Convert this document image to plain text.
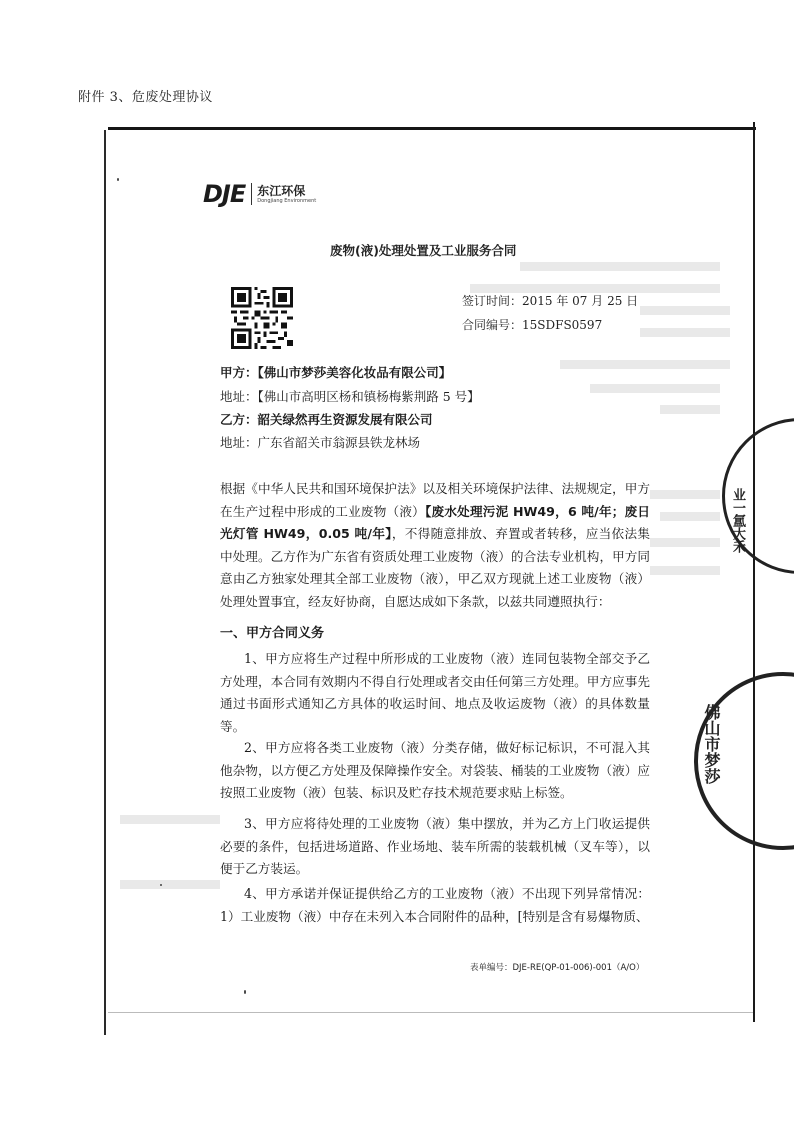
附件 3、危废处理协议
DJE 东江环保
Dongjiang Environment
废物(液)处理处置及工业服务合同
签订时间：2015 年 07 月 25 日
合同编号：15SDFS0597
甲方：【佛山市梦莎美容化妆品有限公司】
地址：【佛山市高明区杨和镇杨梅紫荆路 5 号】
乙方：韶关绿然再生资源发展有限公司
地址：广东省韶关市翁源县铁龙林场
根据《中华人民共和国环境保护法》以及相关环境保护法律、法规规定，甲方在生产过程中形成的工业废物（液）【废水处理污泥 HW49，6 吨/年；废日光灯管 HW49，0.05 吨/年】，不得随意排放、弃置或者转移，应当依法集中处理。乙方作为广东省有资质处理工业废物（液）的合法专业机构，甲方同意由乙方独家处理其全部工业废物（液），甲乙双方现就上述工业废物（液）处理处置事宜，经友好协商，自愿达成如下条款，以兹共同遵照执行：
一、甲方合同义务
1、甲方应将生产过程中所形成的工业废物（液）连同包装物全部交予乙方处理，本合同有效期内不得自行处理或者交由任何第三方处理。甲方应事先通过书面形式通知乙方具体的收运时间、地点及收运废物（液）的具体数量等。
2、甲方应将各类工业废物（液）分类存储，做好标记标识，不可混入其他杂物，以方便乙方处理及保障操作安全。对袋装、桶装的工业废物（液）应按照工业废物（液）包装、标识及贮存技术规范要求贴上标签。
3、甲方应将待处理的工业废物（液）集中摆放，并为乙方上门收运提供必要的条件，包括进场道路、作业场地、装车所需的装载机械（叉车等），以便于乙方装运。
4、甲方承诺并保证提供给乙方的工业废物（液）不出现下列异常情况：1）工业废物（液）中存在未列入本合同附件的品种，[特别是含有易爆物质、
表单编号：DJE-RE(QP-01-006)-001（A/O）
业一氲大禾
佛山市梦莎
